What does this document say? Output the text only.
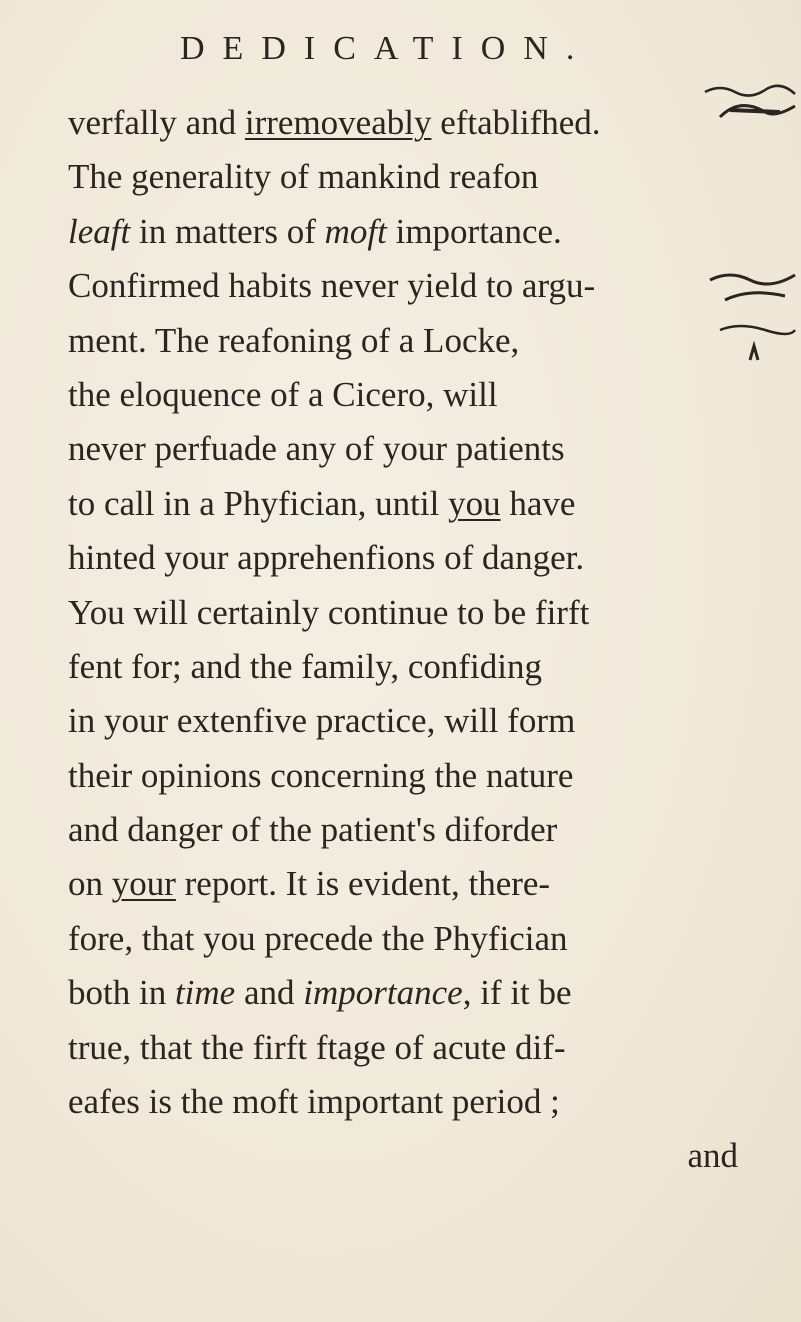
DEDICATION.
verfally and irremoveably eftablifhed.
The generality of mankind reafon
leaft in matters of moft importance.
Confirmed habits never yield to argu-
ment. The reafoning of a Locke,
the eloquence of a Cicero, will
never perfuade any of your patients
to call in a Phyfician, until you have
hinted your apprehenfions of danger.
You will certainly continue to be firft
fent for; and the family, confiding
in your extenfive practice, will form
their opinions concerning the nature
and danger of the patient's diforder
on your report. It is evident, there-
fore, that you precede the Phyfician
both in time and importance, if it be
true, that the firft ftage of acute dif-
eafes is the moft important period ;
and
